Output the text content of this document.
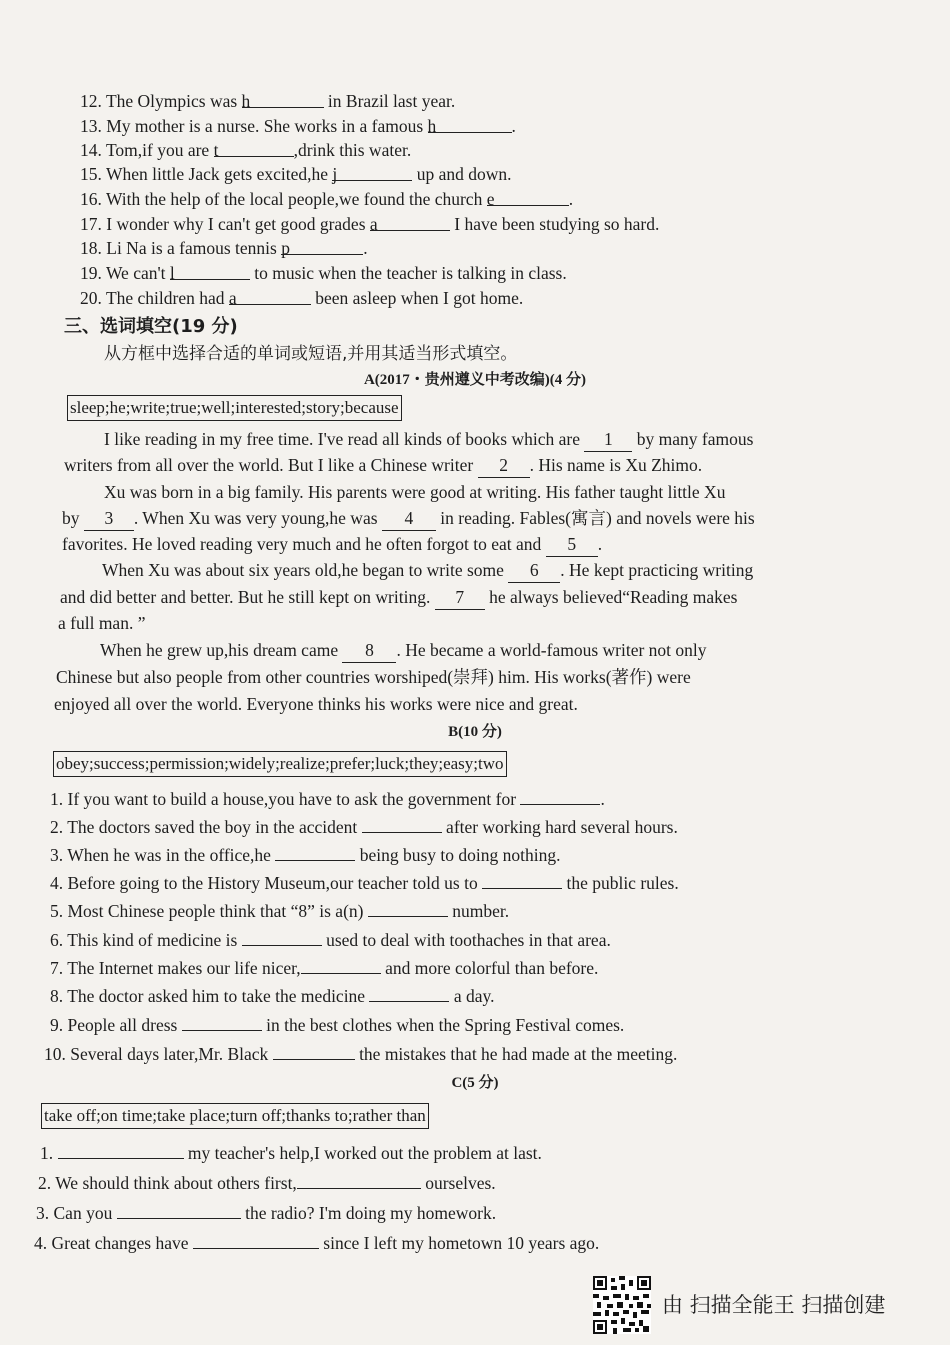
12. The Olympics was h	in Brazil last year.
13. My mother is a nurse. She works in a famous h	.
14. Tom,if you are t	,drink this water.
15. When little Jack gets excited,he j	up and down.
16. With the help of the local people,we found the church e	.
17. I wonder why I can't get good grades a	I have been studying so hard.
18. Li Na is a famous tennis p	.
19. We can't l	to music when the teacher is talking in class.
20. The children had a	been asleep when I got home.
三、选词填空(19 分)
从方框中选择合适的单词或短语,并用其适当形式填空。
A(2017・贵州遵义中考改编)(4 分)
sleep;he;write;true;well;interested;story;because
I like reading in my free time. I've read all kinds of books which are 1 by many famous
writers from all over the world. But I like a Chinese writer 2 . His name is Xu Zhimo.
Xu was born in a big family. His parents were good at writing. His father taught little Xu
by 3 . When Xu was very young,he was 4 in reading. Fables(寓言) and novels were his
favorites. He loved reading very much and he often forgot to eat and 5 .
When Xu was about six years old,he began to write some 6 . He kept practicing writing
and did better and better. But he still kept on writing. 7 he always believed“Reading makes
a full man. ”
When he grew up,his dream came 8 . He became a world-famous writer not only
Chinese but also people from other countries worshiped(崇拜) him. His works(著作) were
enjoyed all over the world. Everyone thinks his works were nice and great.
B(10 分)
obey;success;permission;widely;realize;prefer;luck;they;easy;two
1. If you want to build a house,you have to ask the government for	.
2. The doctors saved the boy in the accident	after working hard several hours.
3. When he was in the office,he	being busy to doing nothing.
4. Before going to the History Museum,our teacher told us to	the public rules.
5. Most Chinese people think that “8” is a(n)	number.
6. This kind of medicine is	used to deal with toothaches in that area.
7. The Internet makes our life nicer,	and more colorful than before.
8. The doctor asked him to take the medicine	a day.
9. People all dress	in the best clothes when the Spring Festival comes.
10. Several days later,Mr. Black	the mistakes that he had made at the meeting.
C(5 分)
take off;on time;take place;turn off;thanks to;rather than
1.	my teacher's help,I worked out the problem at last.
2. We should think about others first,	ourselves.
3. Can you	the radio? I'm doing my homework.
4. Great changes have	since I left my hometown 10 years ago.
由 扫描全能王 扫描创建
